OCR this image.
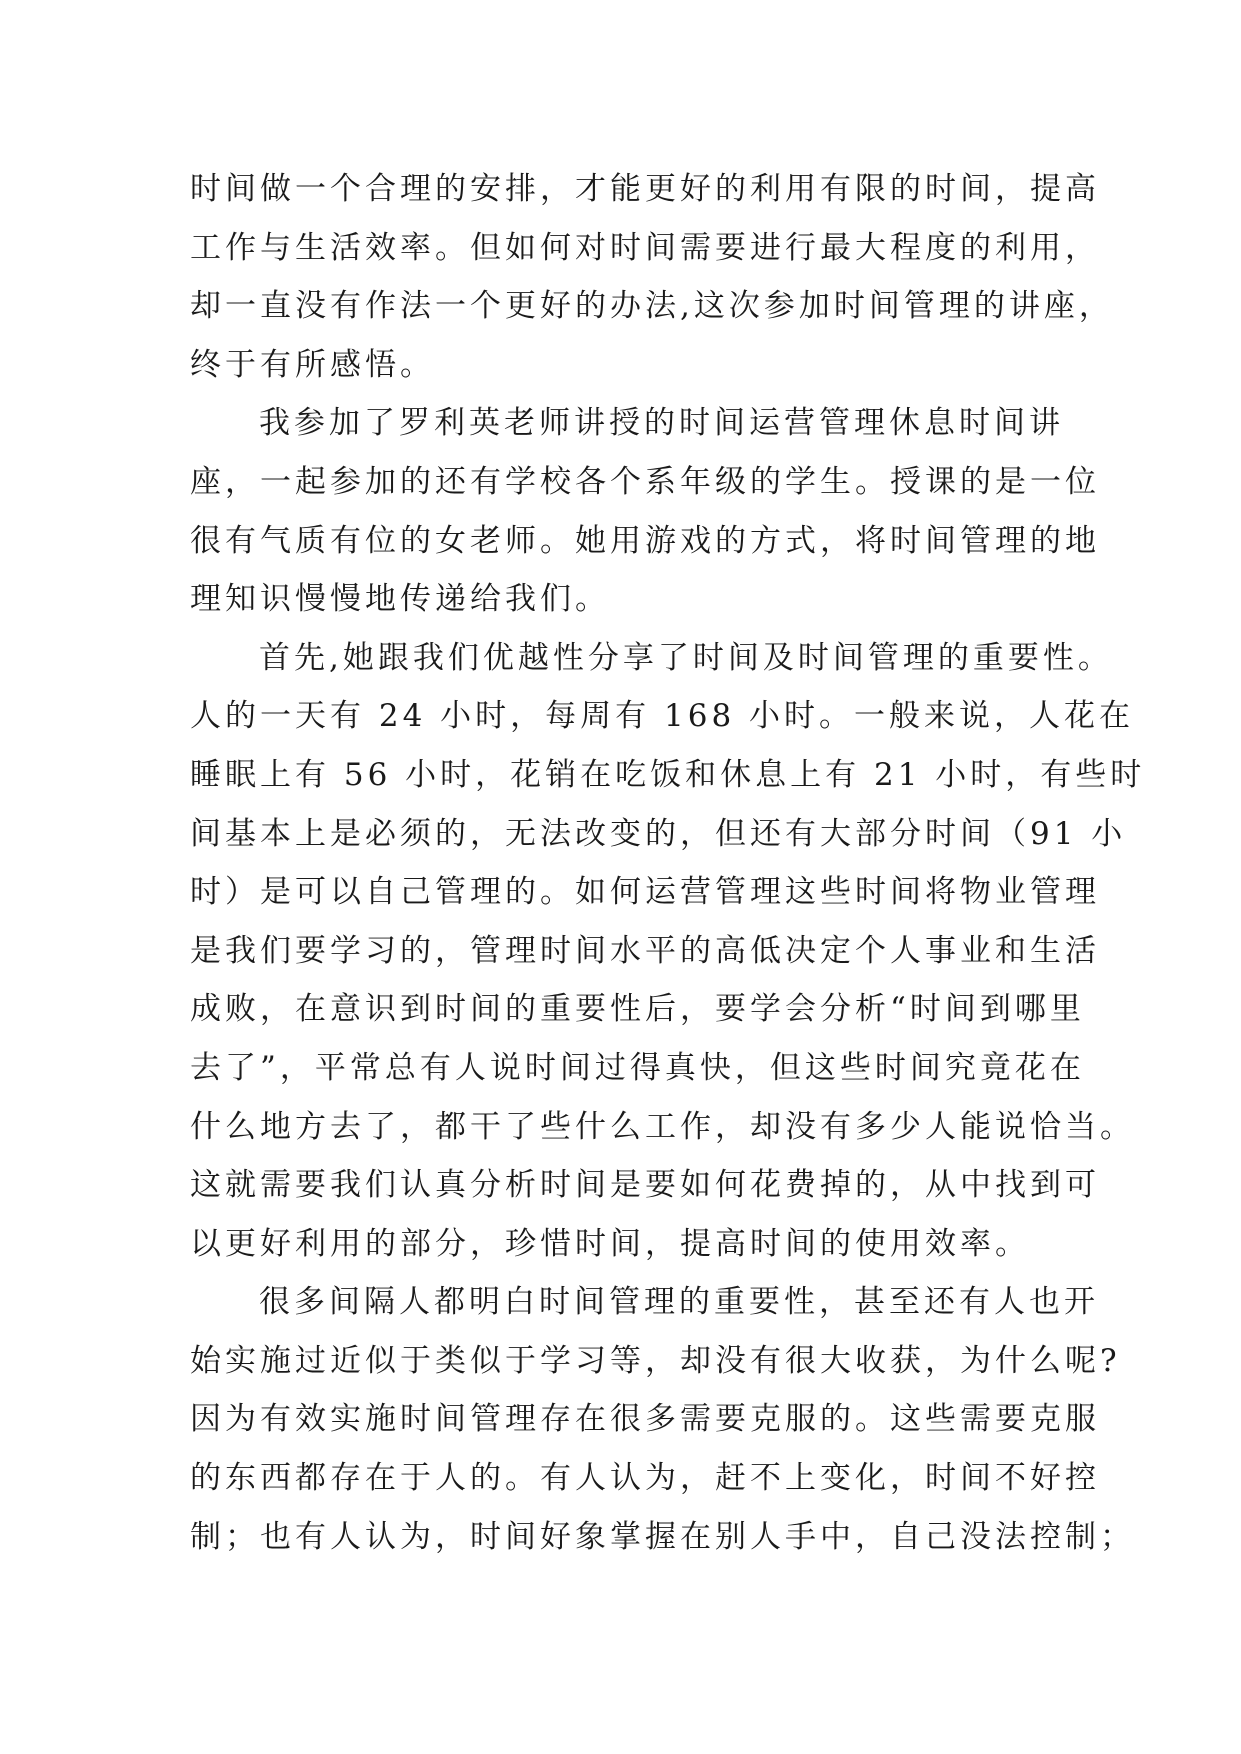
时间做一个合理的安排，才能更好的利用有限的时间，提高
工作与生活效率。但如何对时间需要进行最大程度的利用，
却一直没有作法一个更好的办法,这次参加时间管理的讲座，
终于有所感悟。
我参加了罗利英老师讲授的时间运营管理休息时间讲
座，一起参加的还有学校各个系年级的学生。授课的是一位
很有气质有位的女老师。她用游戏的方式，将时间管理的地
理知识慢慢地传递给我们。
首先,她跟我们优越性分享了时间及时间管理的重要性。
人的一天有 24 小时，每周有 168 小时。一般来说，人花在
睡眠上有 56 小时，花销在吃饭和休息上有 21 小时，有些时
间基本上是必须的，无法改变的，但还有大部分时间（91 小
时）是可以自己管理的。如何运营管理这些时间将物业管理
是我们要学习的，管理时间水平的高低决定个人事业和生活
成败，在意识到时间的重要性后，要学会分析“时间到哪里
去了”，平常总有人说时间过得真快，但这些时间究竟花在
什么地方去了，都干了些什么工作，却没有多少人能说恰当。
这就需要我们认真分析时间是要如何花费掉的，从中找到可
以更好利用的部分，珍惜时间，提高时间的使用效率。
很多间隔人都明白时间管理的重要性，甚至还有人也开
始实施过近似于类似于学习等，却没有很大收获，为什么呢?
因为有效实施时间管理存在很多需要克服的。这些需要克服
的东西都存在于人的。有人认为，赶不上变化，时间不好控
制；也有人认为，时间好象掌握在别人手中，自己没法控制；
